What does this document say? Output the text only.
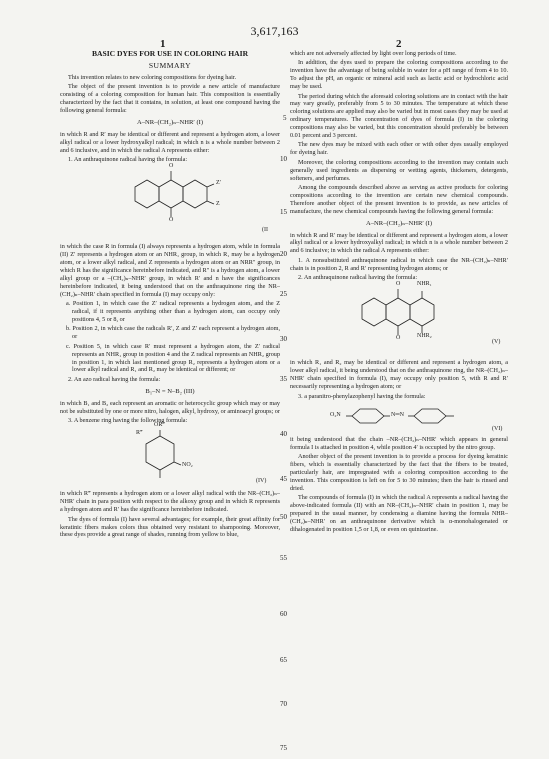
3,617,163
1	2
BASIC DYES FOR USE IN COLORING HAIR
SUMMARY

This invention relates to new coloring compositions for dyeing hair.

The object of the present invention is to provide a new article of manufacture consisting of a coloring composition for human hair. This composition is essentially characterized by the fact that it contains, in solution, at least one compound having the following general formula:

A–NR–(CH₂)ₙ–NHR′ (I)

in which R and R′ may be identical or different and represent a hydrogen atom, a lower alkyl radical or a lower hydroxyalkyl radical; in which n is a whole number between 2 and 6 inclusive, and in which the radical A represents either:

1. An anthraquinone radical having the formula:

O
O
Z′
Z
(II

in which the case R in formula (I) always represents a hydrogen atom, while in formula (II) Z′ represents a hydrogen atom or an NHR₁ group, in which R₁ may be a hydrogen atom, or a lower alkyl radical, and Z represents a hydrogen atom or an NRR″ group, in which R has the significance hereinbefore indicated, and R″ is a hydrogen atom, a lower alkyl group or a –(CH₂)ₙ–NHR′ group, in which R′ and n have the significances hereinbefore indicated, it being understood that on the anthraquinone ring the NR–(CH₂)ₙ–NHR′ chain specified in formula (I) may occupy only:

a. Position 1, in which case the Z′ radical represents a hydrogen atom, and the Z radical, if it represents anything other than a hydrogen atom, can occupy only positions 4, 5 or 8, or

b. Position 2, in which case the radicals R′, Z and Z′ each represent a hydrogen atom, or

c. Position 5, in which case R′ must represent a hydrogen atom, the Z′ radical represents an NHR₁ group in position 4 and the Z radical represents an NHR₂ group in position 1, in which last mentioned group R₂ represents a hydrogen atom or a lower alkyl radical and R₁ and R₂ may be identical or different; or

2. An azo radical having the formula:

B₁–N = N–B₂ (III)

in which B₁ and B₂ each represent an aromatic or heterocyclic group which may or may not be substituted by one or more nitro, halogen, alkyl, hydroxy, or aminoacyl groups; or

3. A benzene ring having the following formula:

OR‴
R‴
NO₂
(IV)

in which R‴ represents a hydrogen atom or a lower alkyl radical with the NR–(CH₂)ₙ–NHR′ chain in para position with respect to the alkoxy group and in which R represents a hydrogen atom and R′ has the significance hereinbefore indicated.

The dyes of formula (I) have several advantages; for example, their great affinity for keratinic fibers makes colors thus obtained very resistant to shampooing. Moreover, these dyes provide a great range of shades, running from yellow to blue,

5
10
15
20
25
30
35
40
45
50
55
60
65
70
75

which are not adversely affected by light over long periods of time.

In addition, the dyes used to prepare the coloring compositions according to the invention have the advantage of being soluble in water for a pH range of from 4 to 10. To adjust the pH, an organic or mineral acid such as lactic acid or hydrochloric acid may be used.

The period during which the aforesaid coloring solutions are in contact with the hair may vary greatly, preferably from 5 to 30 minutes. The temperature at which these coloring solutions are applied may also be varied but in most cases they may be used at ordinary temperatures. The concentration of dyes of formula (I) in the coloring compositions may also be varied, but this concentration should preferably be between 0.01 percent and 3 percent.

The new dyes may be mixed with each other or with other dyes usually employed for dyeing hair.

Moreover, the coloring compositions according to the invention may contain such generally used ingredients as dispersing or wetting agents, thickeners, detergents, softeners, and perfumes.

Among the compounds described above as serving as active products for coloring compositions according to the invention are certain new chemical compounds. Therefore another object of the present invention is to provide, as new articles of manufacture, the new chemical compounds having the following general formula:

A–NR–(CH₂)ₙ–NHR′ (I)

in which R and R′ may be identical or different and represent a hydrogen atom, a lower alkyl radical or a lower hydroxyalkyl radical; in which n is a whole number between 2 and 6 inclusive; in which the radical A represents either:

1. A nonsubstituted anthraquinone radical in which case the NR–(CH₂)ₙ–NHR′ chain is in position 2, R and R′ representing hydrogen atoms; or

2. An anthraquinone radical having the formula:

O
O
NHR₁
NHR₂
(V)

in which R₁ and R₂ may be identical or different and represent a hydrogen atom, a lower alkyl radical, it being understood that on the anthraquinone ring, the NR–(CH₂)ₙ–NHR′ chain specified in formula (I), may occupy only position 5, with R and R′ necessarily representing a hydrogen atom; or

3. a paranitro-phenylazophenyl having the formula:

O₂N	N═N
(VI)

it being understood that the chain –NR–(CH₂)ₙ–NHR′ which appears in general formula I is attached in position 4, while position 4′ is occupied by the nitro group.

Another object of the present invention is to provide a process for dyeing keratinic fibers, which is essentially characterized by the fact that the fibers to be treated, particularly hair, are impregnated with a coloring composition according to the invention. This composition is left on for 5 to 30 minutes; then the hair is rinsed and dried.

The compounds of formula (I) in which the radical A represents a radical having the above-indicated formula (II) with an NR–(CH₂)ₙ–NHR′ chain in position 1, may be prepared in the usual manner, by condensing a diamine having the formula NHR–(CH₂)ₙ–NHR′ on an anthraquinone derivative which is α-monohalogenated or dihalogenated in position 1,5 or 1,8, or even on quinizarine.
